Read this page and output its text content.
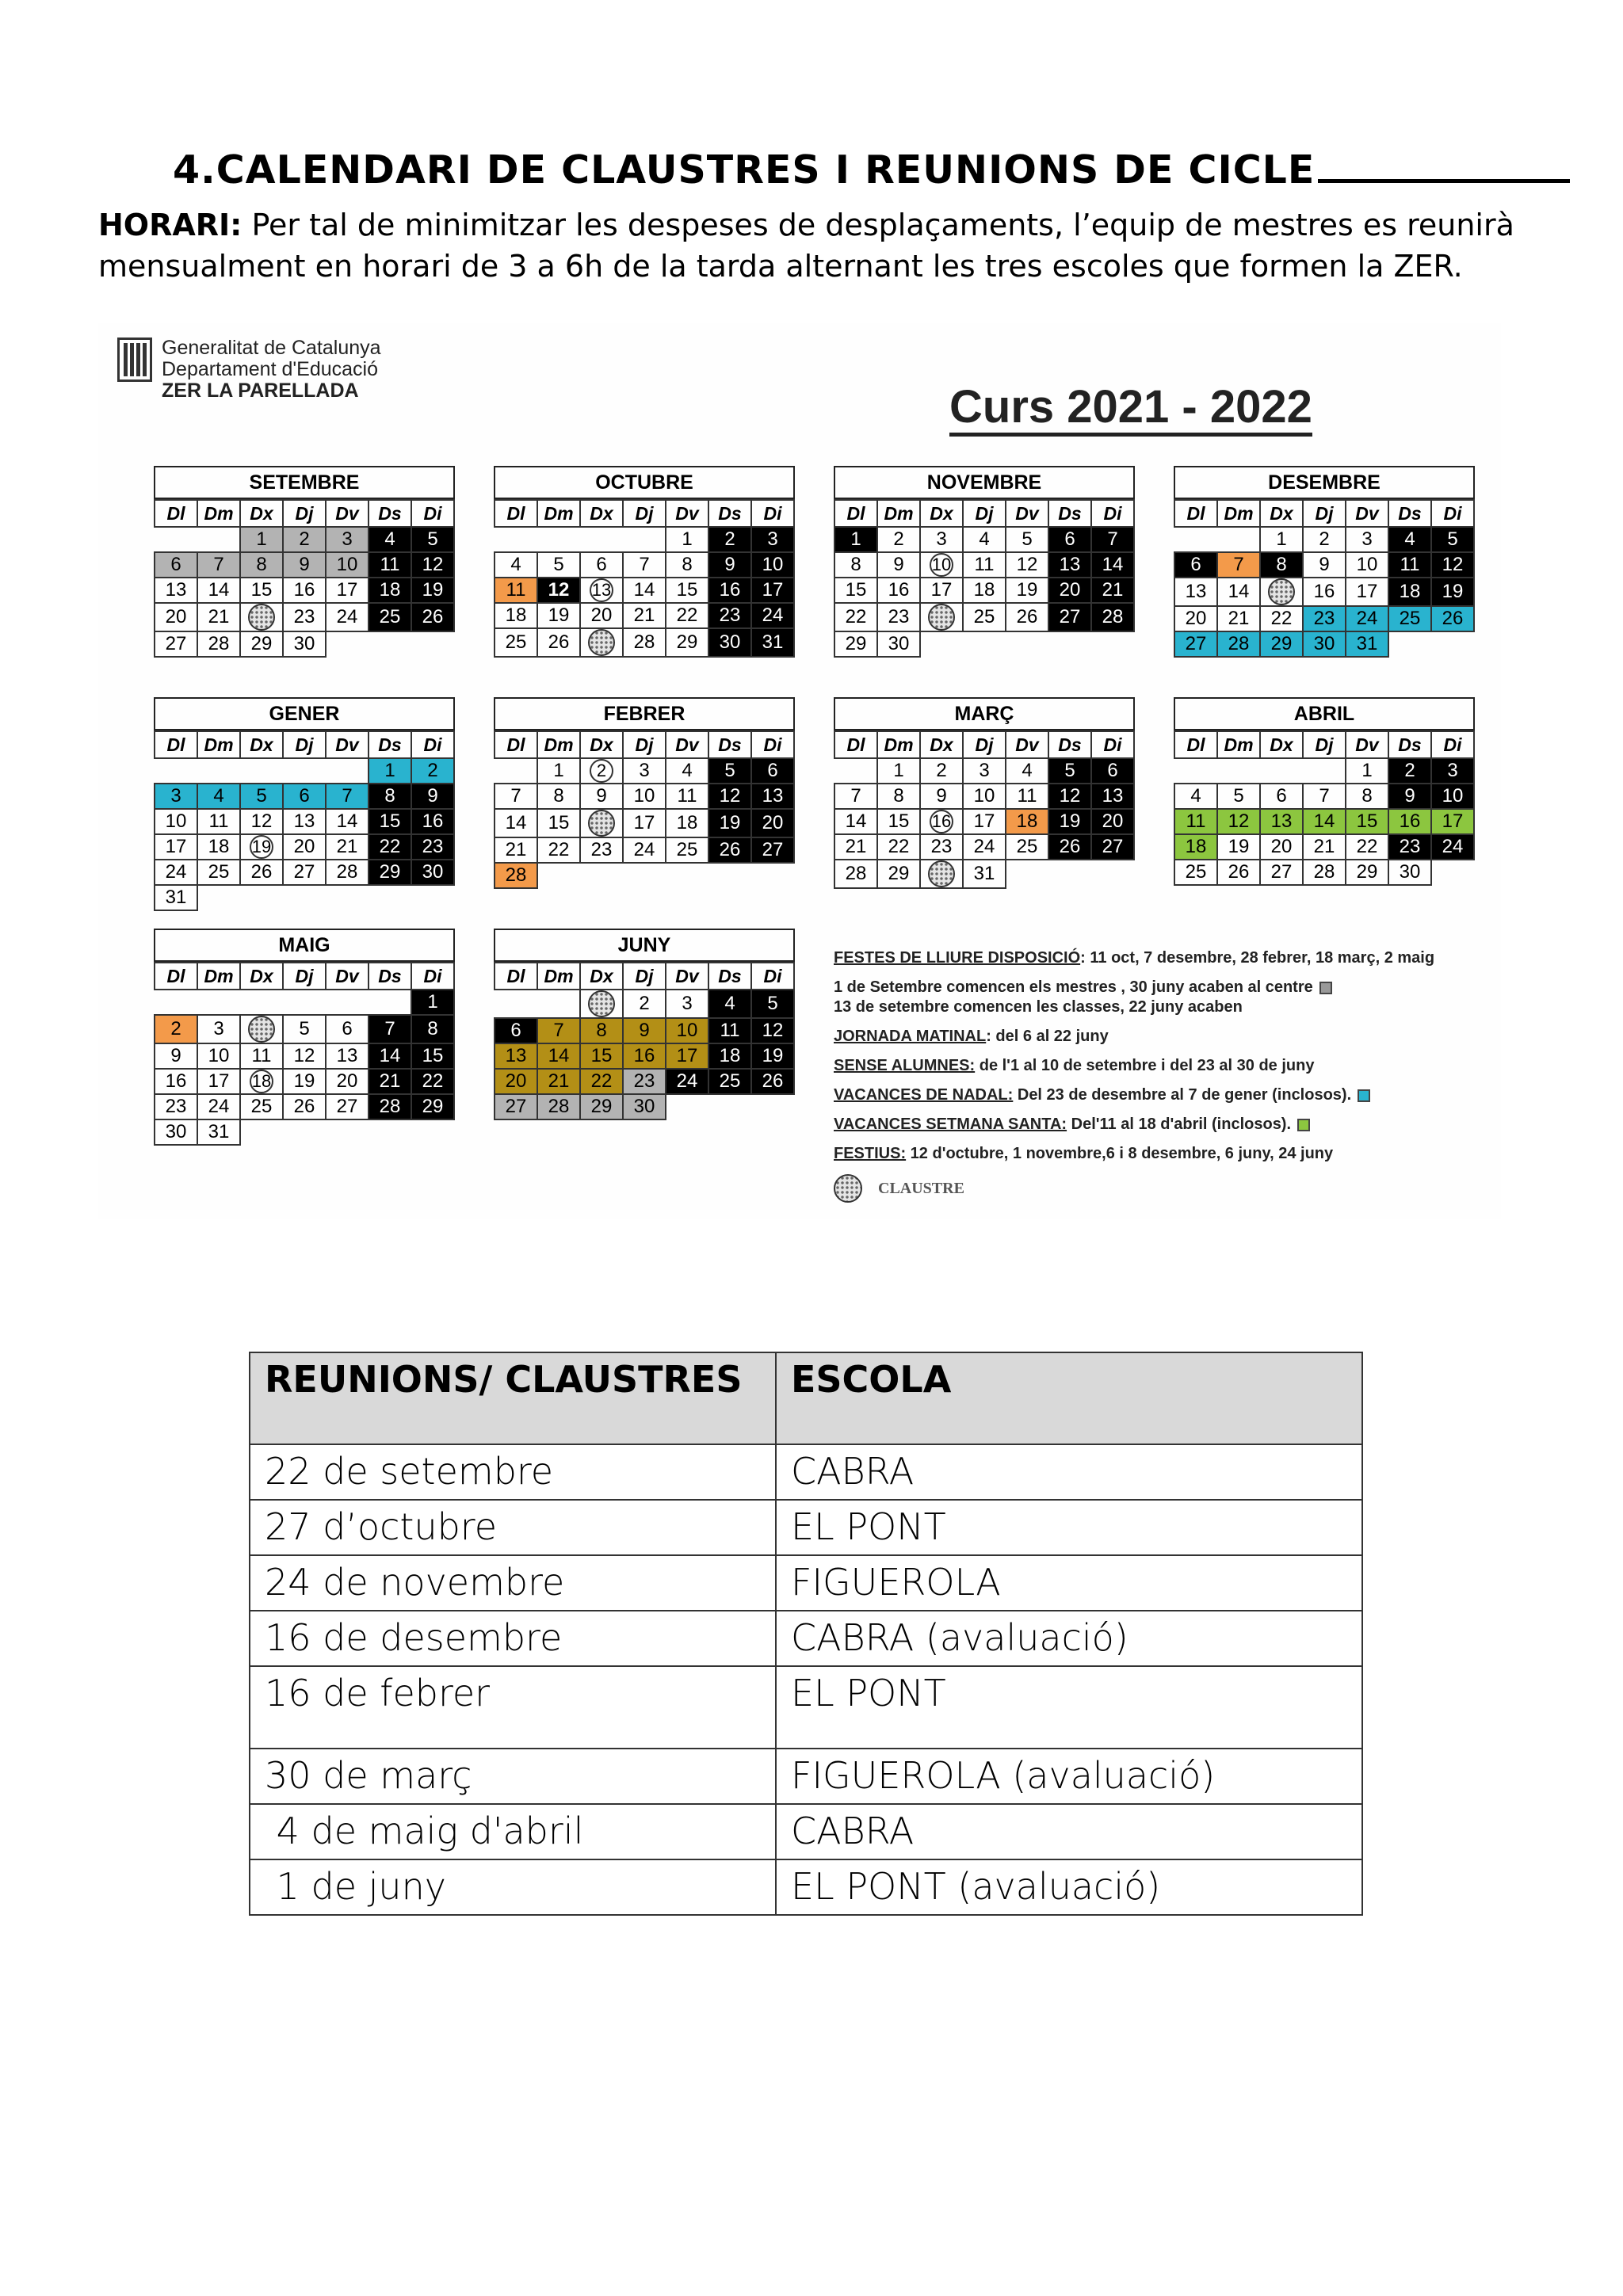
4.CALENDARI DE CLAUSTRES I REUNIONS DE CICLE
HORARI: Per tal de minimitzar les despeses de desplaçaments, l’equip de mestres es reunirà mensualment en horari de 3 a 6h de la tarda alternant les tres escoles que formen la ZER.
Generalitat de Catalunya
Departament d'Educació
ZER LA PARELLADA	Curs 2021 - 2022
SETEMBRE
Dl	Dm	Dx	Dj	Dv	Ds	Di
		1	2	3	4	5
6	7	8	9	10	11	12
13	14	15	16	17	18	19
20	21		23	24	25	26
27	28	29	30			
OCTUBRE
Dl	Dm	Dx	Dj	Dv	Ds	Di
				1	2	3
4	5	6	7	8	9	10
11	12	13	14	15	16	17
18	19	20	21	22	23	24
25	26		28	29	30	31
NOVEMBRE
Dl	Dm	Dx	Dj	Dv	Ds	Di
1	2	3	4	5	6	7
8	9	10	11	12	13	14
15	16	17	18	19	20	21
22	23		25	26	27	28
29	30					
DESEMBRE
Dl	Dm	Dx	Dj	Dv	Ds	Di
		1	2	3	4	5
6	7	8	9	10	11	12
13	14		16	17	18	19
20	21	22	23	24	25	26
27	28	29	30	31		
GENER
Dl	Dm	Dx	Dj	Dv	Ds	Di
					1	2
3	4	5	6	7	8	9
10	11	12	13	14	15	16
17	18	19	20	21	22	23
24	25	26	27	28	29	30
31						
FEBRER
Dl	Dm	Dx	Dj	Dv	Ds	Di
	1	2	3	4	5	6
7	8	9	10	11	12	13
14	15		17	18	19	20
21	22	23	24	25	26	27
28						
MARÇ
Dl	Dm	Dx	Dj	Dv	Ds	Di
	1	2	3	4	5	6
7	8	9	10	11	12	13
14	15	16	17	18	19	20
21	22	23	24	25	26	27
28	29		31			
ABRIL
Dl	Dm	Dx	Dj	Dv	Ds	Di
				1	2	3
4	5	6	7	8	9	10
11	12	13	14	15	16	17
18	19	20	21	22	23	24
25	26	27	28	29	30	
MAIG
Dl	Dm	Dx	Dj	Dv	Ds	Di
						1
2	3		5	6	7	8
9	10	11	12	13	14	15
16	17	18	19	20	21	22
23	24	25	26	27	28	29
30	31					
JUNY
Dl	Dm	Dx	Dj	Dv	Ds	Di
			2	3	4	5
6	7	8	9	10	11	12
13	14	15	16	17	18	19
20	21	22	23	24	25	26
27	28	29	30			
FESTES DE LLIURE DISPOSICIÓ: 11 oct, 7 desembre, 28 febrer, 18 març, 2 maig
1 de Setembre comencen els mestres , 30 juny acaben al centre
13 de setembre comencen les classes, 22 juny acaben
JORNADA MATINAL: del 6 al 22 juny
SENSE ALUMNES: de l'1 al 10 de setembre i del 23 al 30 de juny
VACANCES DE NADAL: Del 23 de desembre al 7 de gener (inclosos).
VACANCES SETMANA SANTA: Del'11 al 18 d'abril (inclosos).
FESTIUS: 12 d'octubre, 1 novembre,6 i 8 desembre, 6 juny, 24 juny
CLAUSTRE
REUNIONS/ CLAUSTRES	ESCOLA
22 de setembre	CABRA
27 d’octubre	EL PONT
24 de novembre	FIGUEROLA
16 de desembre	CABRA (avaluació)
16 de febrer	EL PONT
30 de març	FIGUEROLA (avaluació)
4 de maig d'abril	CABRA
1 de juny	EL PONT (avaluació)
